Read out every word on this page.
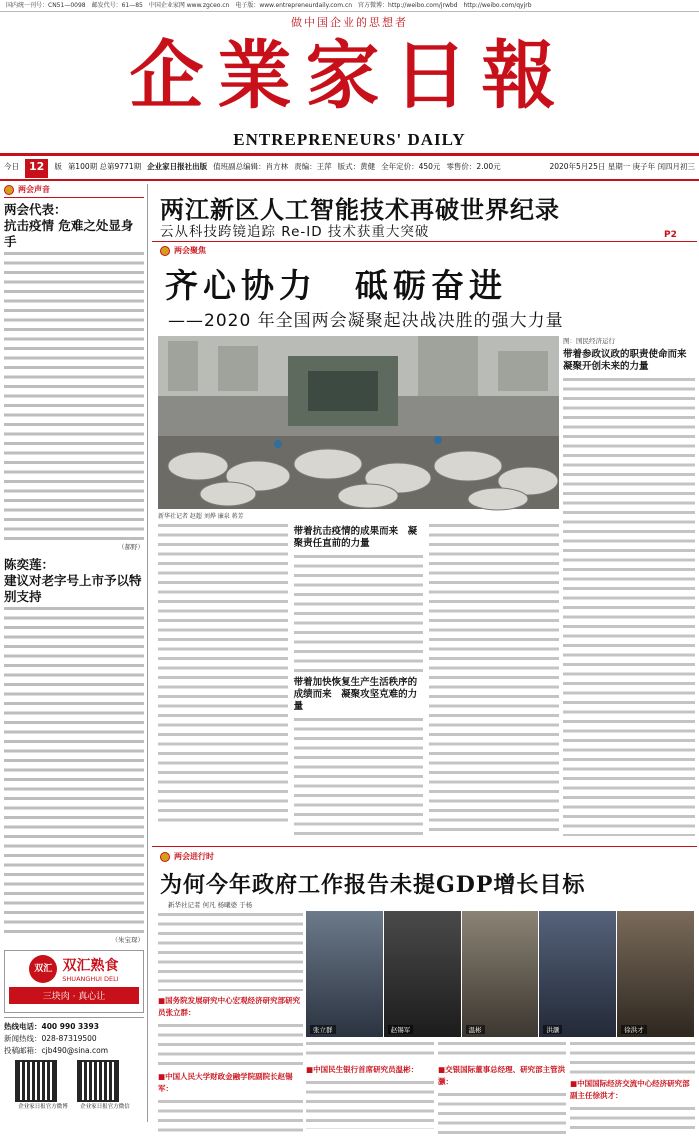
国内统一刊号：CN51—0098　邮发代号：61—85　中国企业家网 www.zgceo.cn　电子版：www.entrepreneurdaily.com.cn　官方微博：http://weibo.com/jrwbd　http://weibo.com/qyjrb
做中国企业的思想者
企業家日報
ENTREPRENEURS' DAILY
今日 12	版 第100期 总第9771期 企业家日报社出版 值班副总编辑：肖方林 责编：王萍 版式：黄健 全年定价：450元 零售价：2.00元	2020年5月25日 星期一 庚子年 闰四月初三
两会声音
两会代表：
抗击疫情 危难之处显身手
（郝野）
陈奕莲：
建议对老字号上市予以特别支持
（朱宝琛）
双汇 双汇熟食
SHUANGHUI DELI
三块肉 · 真心让
热线电话：400 990 3393
新闻热线：028-87319500
投稿邮箱：cjb490@sina.com
企业家日报官方微博	企业家日报官方微信
两江新区人工智能技术再破世界纪录
云从科技跨镜追踪 Re-ID 技术获重大突破	P2
两会聚焦
齐心协力　砥砺奋进
——2020 年全国两会凝聚起决战决胜的强大力量
新华社记者 赵超 刘烨 廉泉 蒋芳
带着抗击疫情的成果而来　凝聚责任直前的力量
带着加快恢复生产生活秩序的成绩而来　凝聚攻坚克难的力量
图：国民经济运行
带着参政议政的职责使命而来　凝聚开创未来的力量
两会进行时
为何今年政府工作报告未提GDP增长目标
新华社记者 何凡 杨曦婆 于杨
■国务院发展研究中心宏观经济研究部研究员张立群：
■中国人民大学财政金融学院副院长赵锡军：
张立群	赵锡军	温彬	洪灏	徐洪才
■中国民生银行首席研究员温彬：	■交银国际董事总经理、研究部主管洪灏：	■中国国际经济交流中心经济研究部副主任徐洪才：
